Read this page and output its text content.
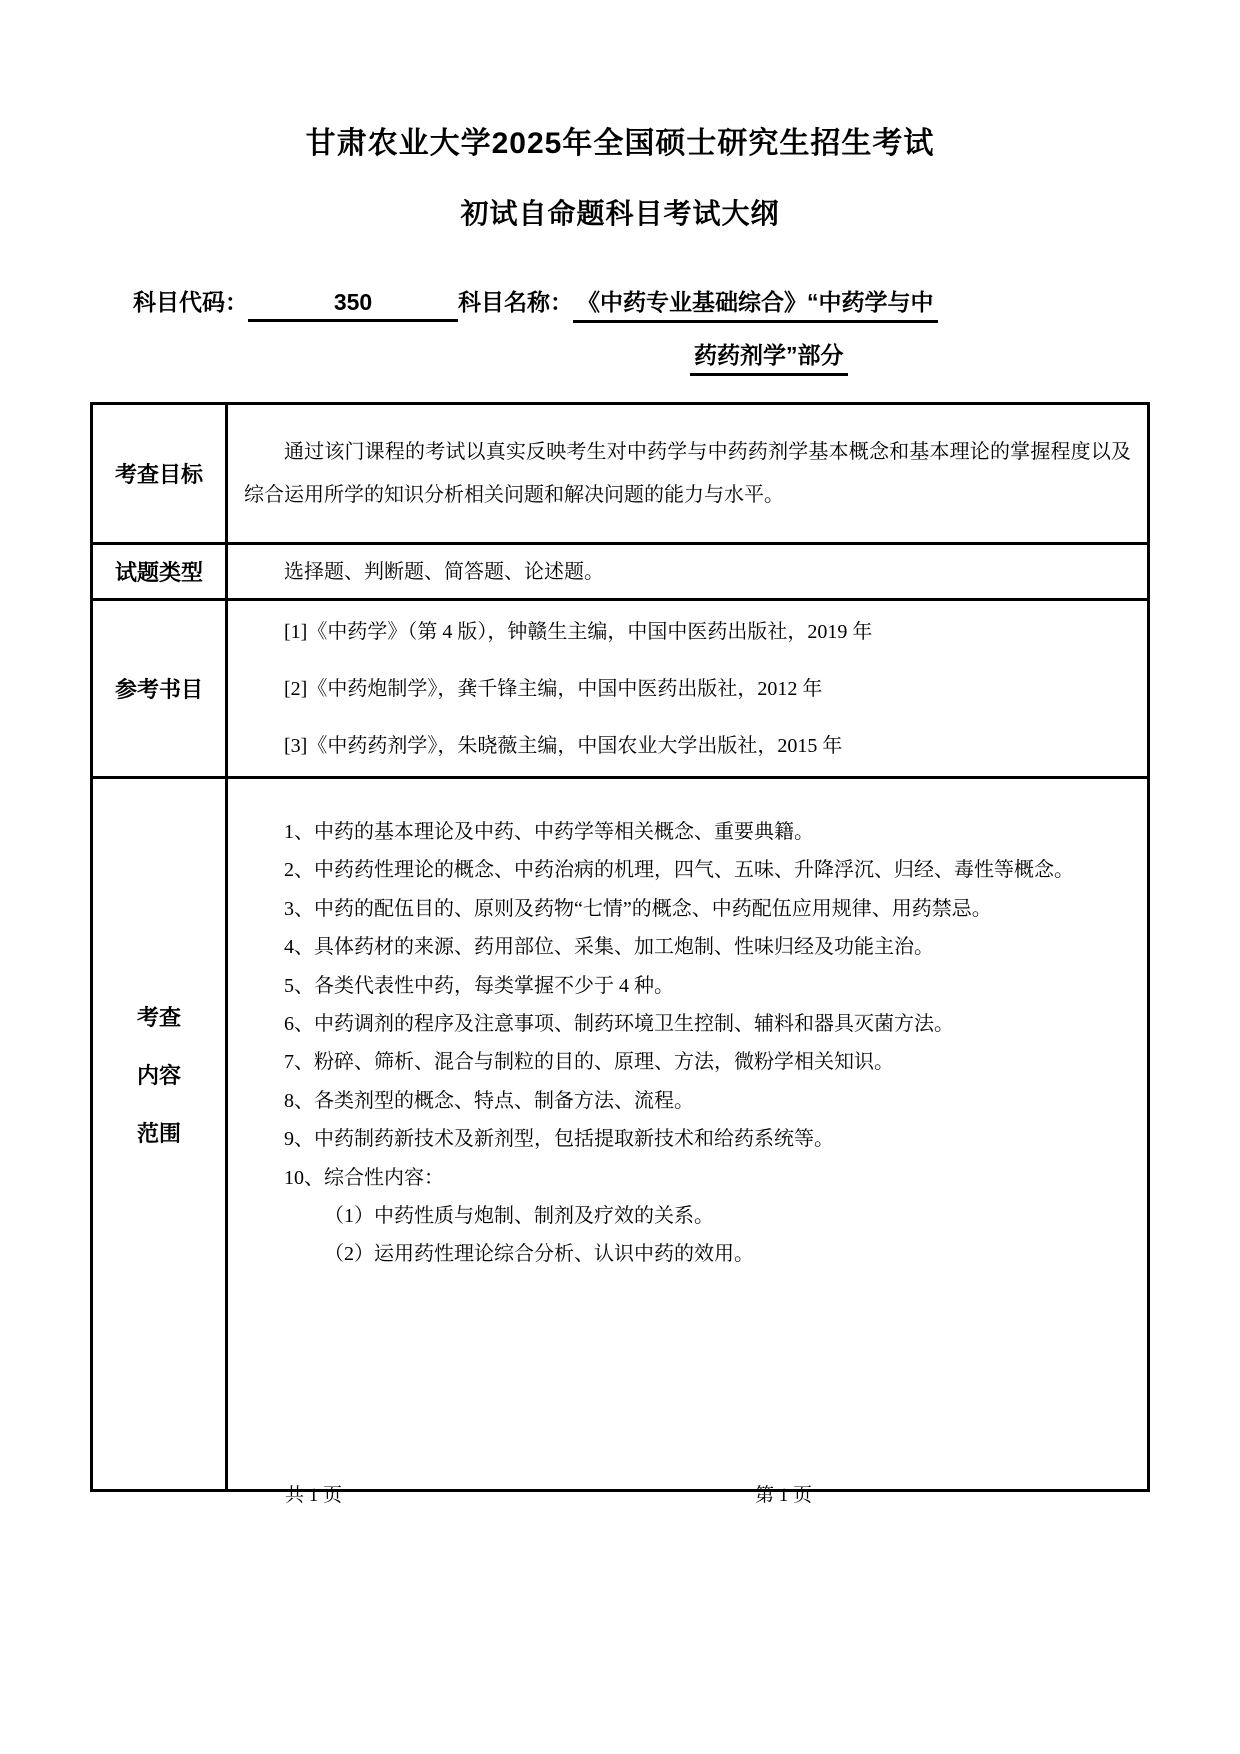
甘肃农业大学2025年全国硕士研究生招生考试
初试自命题科目考试大纲
科目代码：	350	科目名称： 《中药专业基础综合》“中药学与中
药药剂学”部分
考查目标	通过该门课程的考试以真实反映考生对中药学与中药药剂学基本概念和基本理论的掌握程度以及综合运用所学的知识分析相关问题和解决问题的能力与水平。

试题类型	选择题、判断题、简答题、论述题。

参考书目	[1]《中药学》（第 4 版），钟赣生主编，中国中医药出版社，2019 年

[2]《中药炮制学》，龚千锋主编，中国中医药出版社，2012 年

[3]《中药药剂学》，朱晓薇主编，中国农业大学出版社，2015 年

考查
内容
范围

1、中药的基本理论及中药、中药学等相关概念、重要典籍。

2、中药药性理论的概念、中药治病的机理，四气、五味、升降浮沉、归经、毒性等概念。

3、中药的配伍目的、原则及药物“七情”的概念、中药配伍应用规律、用药禁忌。

4、具体药材的来源、药用部位、采集、加工炮制、性味归经及功能主治。

5、各类代表性中药，每类掌握不少于 4 种。

6、中药调剂的程序及注意事项、制药环境卫生控制、辅料和器具灭菌方法。

7、粉碎、筛析、混合与制粒的目的、原理、方法，微粉学相关知识。

8、各类剂型的概念、特点、制备方法、流程。

9、中药制药新技术及新剂型，包括提取新技术和给药系统等。

10、综合性内容：

（1）中药性质与炮制、制剂及疗效的关系。

（2）运用药性理论综合分析、认识中药的效用。

共 1 页	第 1 页
